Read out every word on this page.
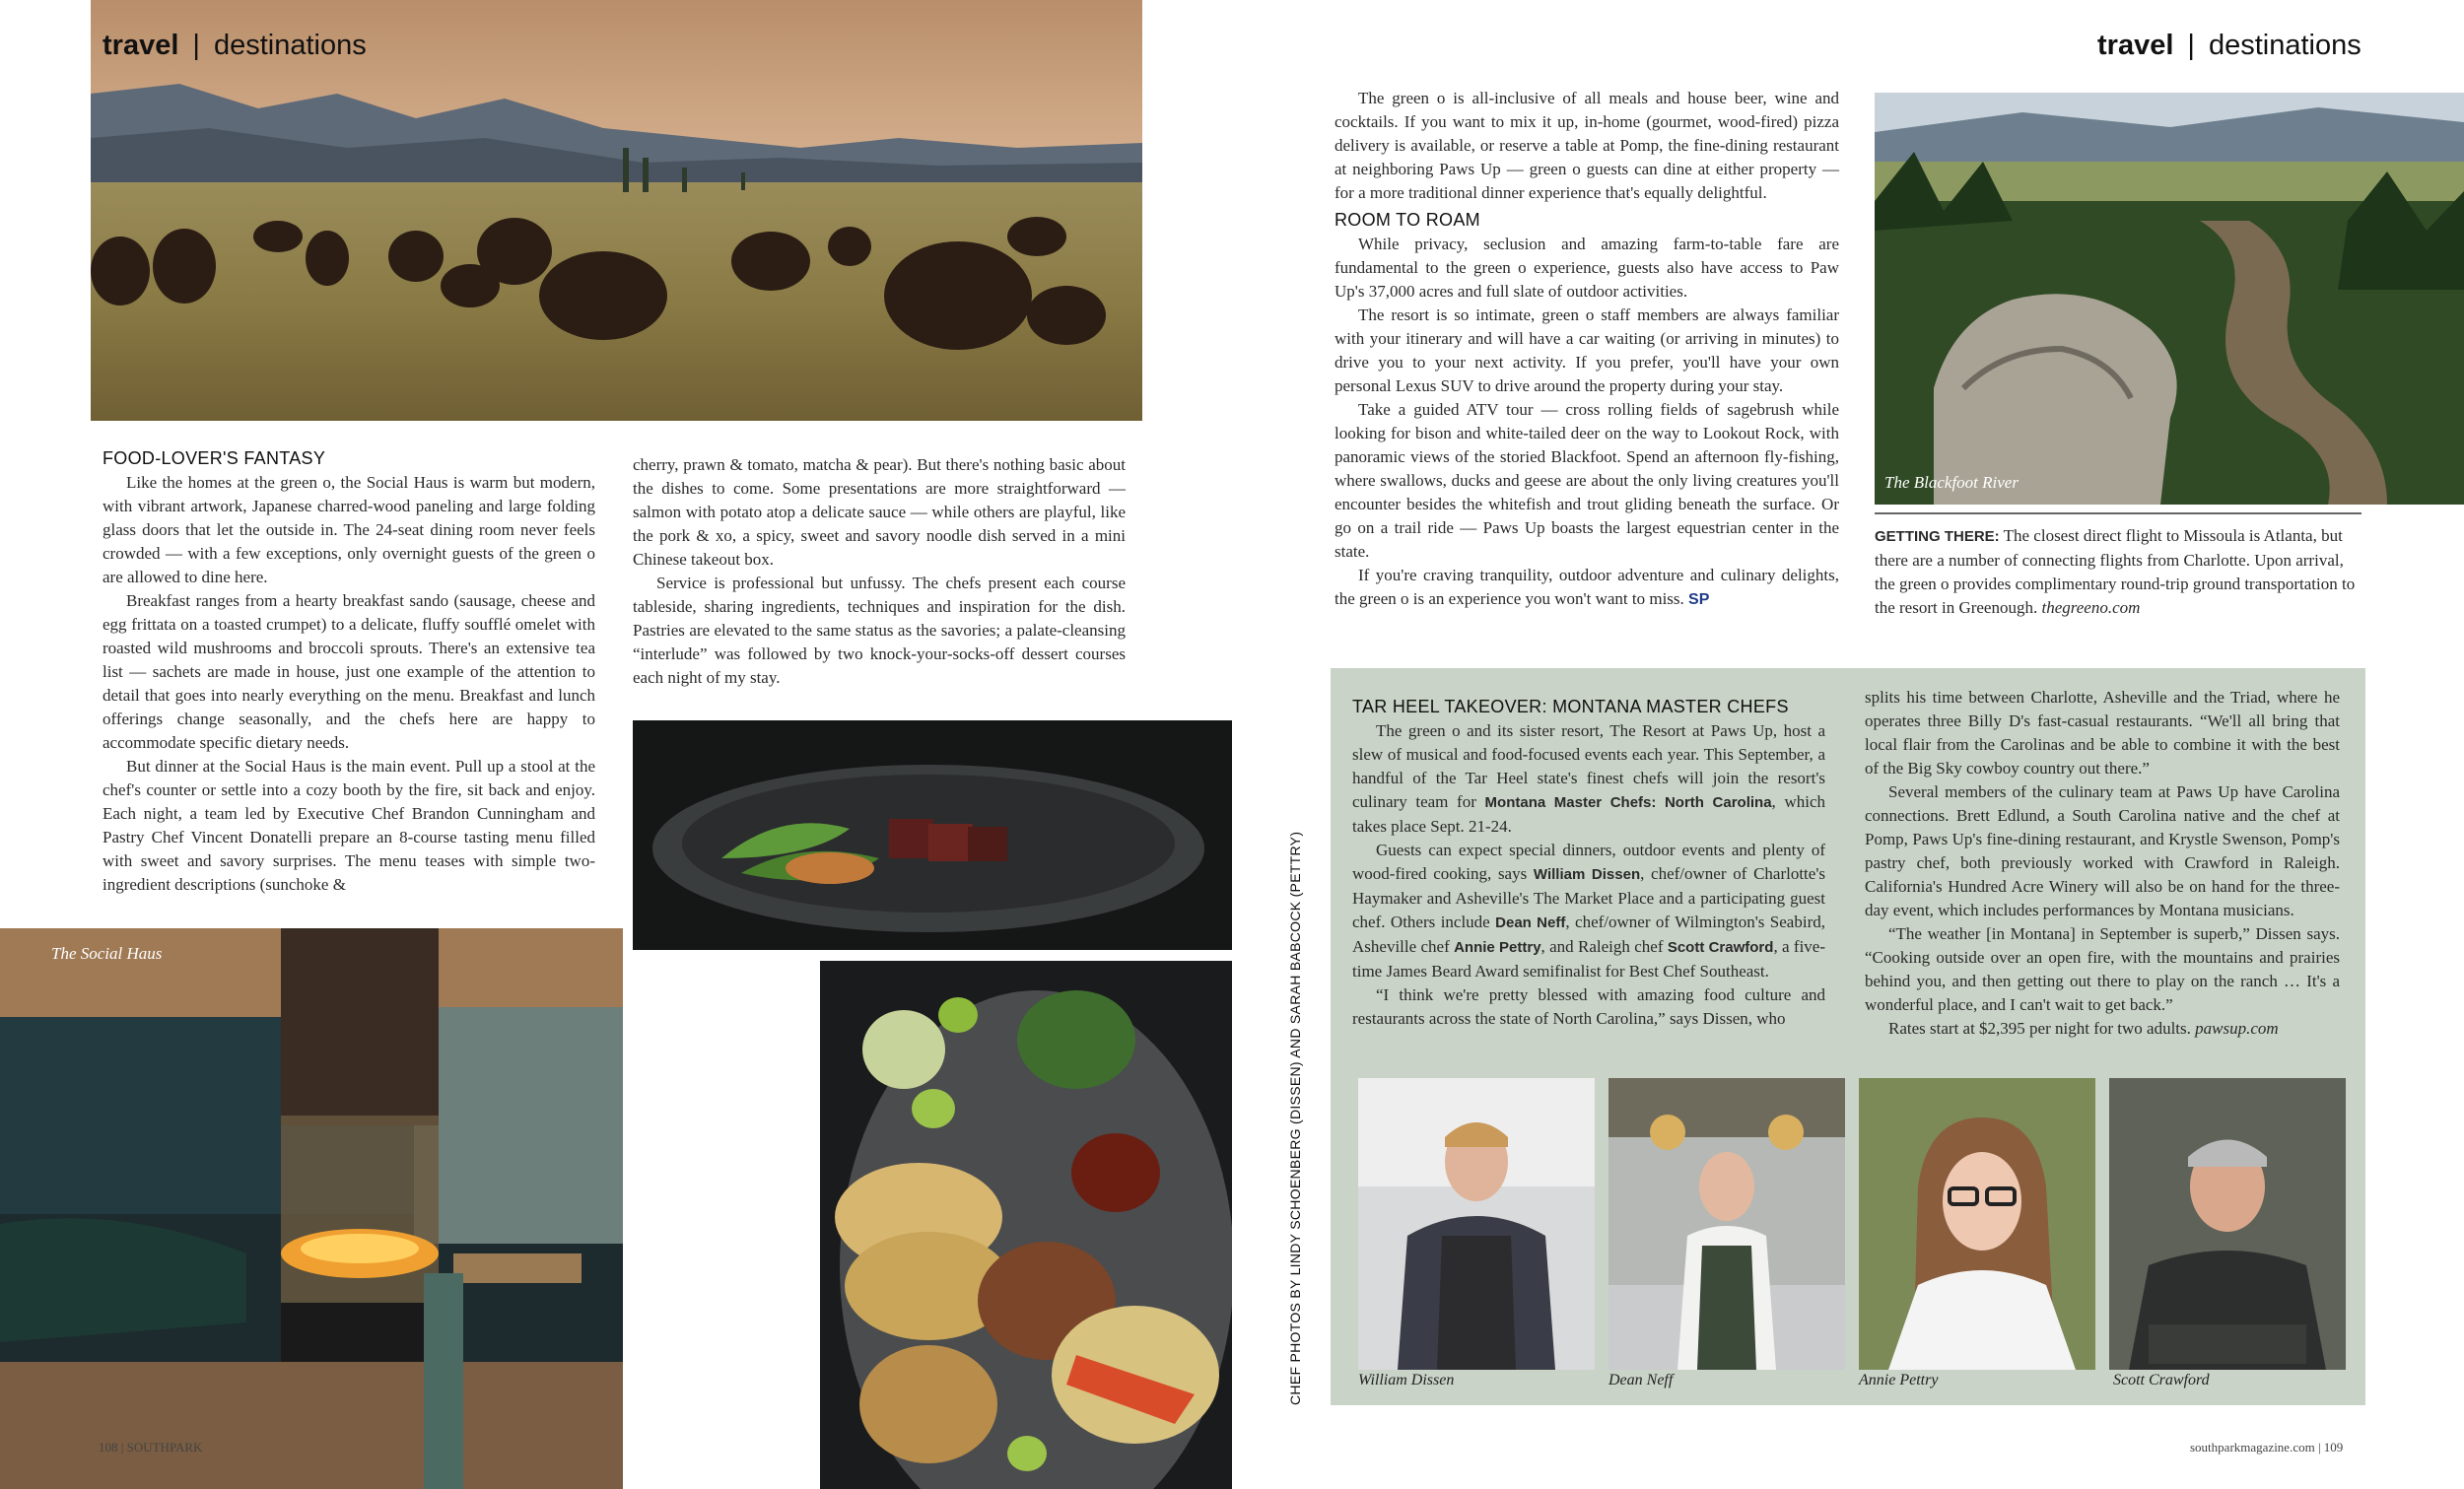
travel | destinations

FOOD-LOVER'S FANTASY

Like the homes at the green o, the Social Haus is warm but modern, with vibrant artwork, Japanese charred-wood paneling and large folding glass doors that let the outside in. The 24-seat dining room never feels crowded — with a few exceptions, only overnight guests of the green o are allowed to dine here.

Breakfast ranges from a hearty breakfast sando (sausage, cheese and egg frittata on a toasted crumpet) to a delicate, fluffy soufflé omelet with roasted wild mushrooms and broccoli sprouts. There's an extensive tea list — sachets are made in house, just one example of the attention to detail that goes into nearly everything on the menu. Breakfast and lunch offerings change seasonally, and the chefs here are happy to accommodate specific dietary needs.

But dinner at the Social Haus is the main event. Pull up a stool at the chef's counter or settle into a cozy booth by the fire, sit back and enjoy. Each night, a team led by Executive Chef Brandon Cunningham and Pastry Chef Vincent Donatelli prepare an 8-course tasting menu filled with sweet and savory surprises. The menu teases with simple two-ingredient descriptions (sunchoke &

cherry, prawn & tomato, matcha & pear). But there's nothing basic about the dishes to come. Some presentations are more straightforward — salmon with potato atop a delicate sauce — while others are playful, like the pork & xo, a spicy, sweet and savory noodle dish served in a mini Chinese takeout box.

Service is professional but unfussy. The chefs present each course tableside, sharing ingredients, techniques and inspiration for the dish. Pastries are elevated to the same status as the savories; a palate-cleansing “interlude” was followed by two knock-your-socks-off dessert courses each night of my stay.

The Social Haus
travel | destinations

The green o is all-inclusive of all meals and house beer, wine and cocktails. If you want to mix it up, in-home (gourmet, wood-fired) pizza delivery is available, or reserve a table at Pomp, the fine-dining restaurant at neighboring Paws Up — green o guests can dine at either property — for a more traditional dinner experience that's equally delightful.

ROOM TO ROAM

While privacy, seclusion and amazing farm-to-table fare are fundamental to the green o experience, guests also have access to Paw Up's 37,000 acres and full slate of outdoor activities.

The resort is so intimate, green o staff members are always familiar with your itinerary and will have a car waiting (or arriving in minutes) to drive you to your next activity. If you prefer, you'll have your own personal Lexus SUV to drive around the property during your stay.

Take a guided ATV tour — cross rolling fields of sagebrush while looking for bison and white-tailed deer on the way to Lookout Rock, with panoramic views of the storied Blackfoot. Spend an afternoon fly-fishing, where swallows, ducks and geese are about the only living creatures you'll encounter besides the whitefish and trout gliding beneath the surface. Or go on a trail ride — Paws Up boasts the largest equestrian center in the state.

If you're craving tranquility, outdoor adventure and culinary delights, the green o is an experience you won't want to miss. SP

The Blackfoot River
GETTING THERE: The closest direct flight to Missoula is Atlanta, but there are a number of connecting flights from Charlotte. Upon arrival, the green o provides complimentary round-trip ground transportation to the resort in Greenough. thegreeno.com

TAR HEEL TAKEOVER: MONTANA MASTER CHEFS

The green o and its sister resort, The Resort at Paws Up, host a slew of musical and food-focused events each year. This September, a handful of the Tar Heel state's finest chefs will join the resort's culinary team for Montana Master Chefs: North Carolina, which takes place Sept. 21-24.

Guests can expect special dinners, outdoor events and plenty of wood-fired cooking, says William Dissen, chef/owner of Charlotte's Haymaker and Asheville's The Market Place and a participating guest chef. Others include Dean Neff, chef/owner of Wilmington's Seabird, Asheville chef Annie Pettry, and Raleigh chef Scott Crawford, a five-time James Beard Award semifinalist for Best Chef Southeast.

“I think we're pretty blessed with amazing food culture and restaurants across the state of North Carolina,” says Dissen, who

splits his time between Charlotte, Asheville and the Triad, where he operates three Billy D's fast-casual restaurants. “We'll all bring that local flair from the Carolinas and be able to combine it with the best of the Big Sky cowboy country out there.”

Several members of the culinary team at Paws Up have Carolina connections. Brett Edlund, a South Carolina native and the chef at Pomp, Paws Up's fine-dining restaurant, and Krystle Swenson, Pomp's pastry chef, both previously worked with Crawford in Raleigh. California's Hundred Acre Winery will also be on hand for the three-day event, which includes performances by Montana musicians.

“The weather [in Montana] in September is superb,” Dissen says. “Cooking outside over an open fire, with the mountains and prairies behind you, and then getting out there to play on the ranch … It's a wonderful place, and I can't wait to get back.”

Rates start at $2,395 per night for two adults. pawsup.com

William Dissen	Dean Neff	Annie Pettry	Scott Crawford
CHEF PHOTOS BY LINDY SCHOENBERG (DISSEN) AND SARAH BABCOCK (PETTRY)
108 | SOUTHPARK	southparkmagazine.com | 109
